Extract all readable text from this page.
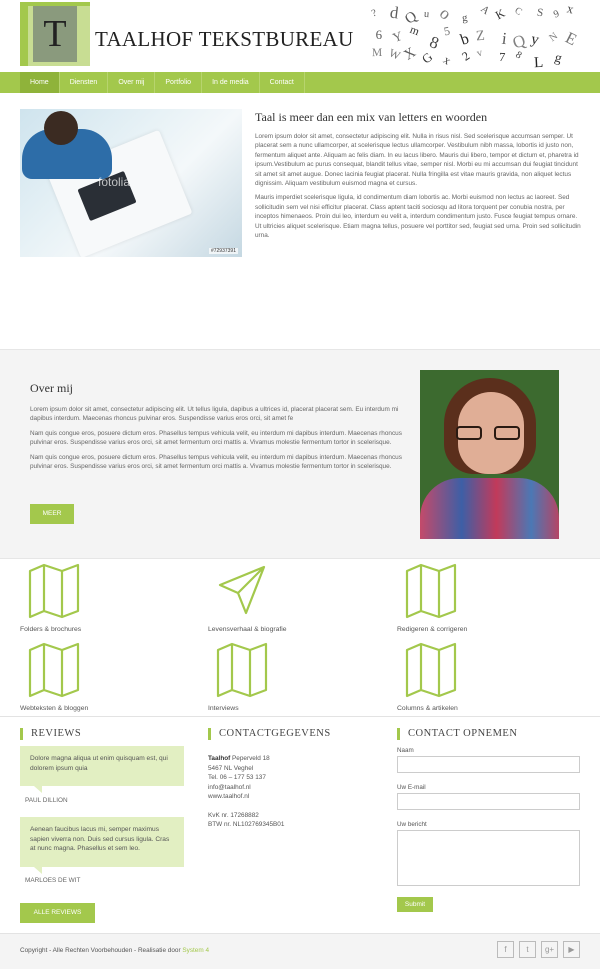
T	TAALHOF TEKSTBUREAU
? d Q u o g
A K C S 9 x
6 Y m
8
5 b Z i Q y N E
M W X G x 2 v 7 8 L g
Home	Diensten	Over mij	Portfolio	In de media	Contact
fotolia
#72937391
Taal is meer dan een mix van letters en woorden

Lorem ipsum dolor sit amet, consectetur adipiscing elit. Nulla in risus nisl. Sed scelerisque accumsan semper. Ut placerat sem a nunc ullamcorper, at scelerisque lectus ullamcorper. Vestibulum nibh massa, lobortis id justo non, fermentum aliquet ante. Aliquam ac felis diam. In eu lacus libero. Mauris dui libero, tempor et dictum et, pharetra id ipsum.Vestibulum ac purus consequat, blandit tellus vitae, semper nisl. Morbi eu mi accumsan dui feugiat tincidunt sit amet sit amet augue. Donec lacinia feugiat placerat. Nulla fringilla est vitae mauris gravida, non aliquet lectus dignissim. Aliquam vestibulum euismod magna et cursus.

Mauris imperdiet scelerisque ligula, id condimentum diam lobortis ac. Morbi euismod non lectus ac laoreet. Sed sollicitudin sem vel nisi efficitur placerat. Class aptent taciti sociosqu ad litora torquent per conubia nostra, per inceptos himenaeos. Proin dui leo, interdum eu velit a, interdum condimentum justo. Fusce feugiat tempus ornare. Ut ultricies aliquet scelerisque. Etiam magna tellus, posuere vel porttitor sed, feugiat sed urna. Proin sed sollicitudin urna.

Over mij

Lorem ipsum dolor sit amet, consectetur adipiscing elit. Ut tellus ligula, dapibus a ultrices id, placerat placerat sem. Eu interdum mi dapibus interdum. Maecenas rhoncus pulvinar eros. Suspendisse varius eros orci, sit amet fe

Nam quis congue eros, posuere dictum eros. Phasellus tempus vehicula velit, eu interdum mi dapibus interdum. Maecenas rhoncus pulvinar eros. Suspendisse varius eros orci, sit amet fermentum orci mattis a. Vivamus molestie fermentum tortor in scelerisque.

Nam quis congue eros, posuere dictum eros. Phasellus tempus vehicula velit, eu interdum mi dapibus interdum. Maecenas rhoncus pulvinar eros. Suspendisse varius eros orci, sit amet fermentum orci mattis a. Vivamus molestie fermentum tortor in scelerisque.

MEER
Folders & brochures	Levensverhaal & biografie	Redigeren & corrigeren
Webteksten & bloggen	Interviews	Columns & artikelen
REVIEWS
Dolore magna aliqua ut enim quisquam est, qui dolorem ipsum quia
PAUL DILLION
Aenean faucibus lacus mi, semper maximus sapien viverra non. Duis sed cursus ligula. Cras at nunc magna. Phasellus et sem leo.
MARLOES DE WIT
ALLE REVIEWS
CONTACTGEGEVENS
Taalhof Peperveld 18
5467 NL Veghel
Tel. 06 – 177 53 137
info@taalhof.nl
www.taalhof.nl
KvK nr. 17268882
BTW nr. NL102769345B01
CONTACT OPNEMEN
Naam
Uw E-mail
Uw bericht
Submit
Copyright - Alle Rechten Voorbehouden - Realisatie door System 4	f	t	g+	▶
